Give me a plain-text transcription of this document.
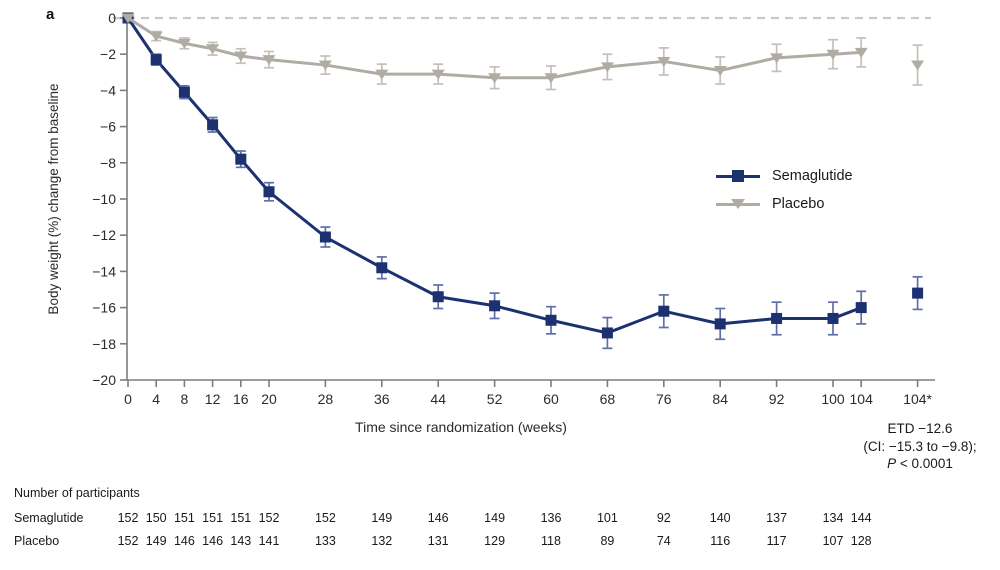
a	0
−2
−4
−6
−8
−10
−12
−14
−16
−18
−20
0 4 8 12 16 20	28	36	44	52	60	68	76	84	92	100 104 104*
Body weight (%) change from baseline
Time since randomization (weeks)
Semaglutide
Placebo
ETD −12.6
(CI: −15.3 to −9.8);
P < 0.0001
Number of participants
Semaglutide
Placebo
152 150 151 151 151 152	152	149	146	149	136	101	92	140	137	134 144
152 149 146 146 143 141	133	132	131	129	118	89	74	116	117	107 128
